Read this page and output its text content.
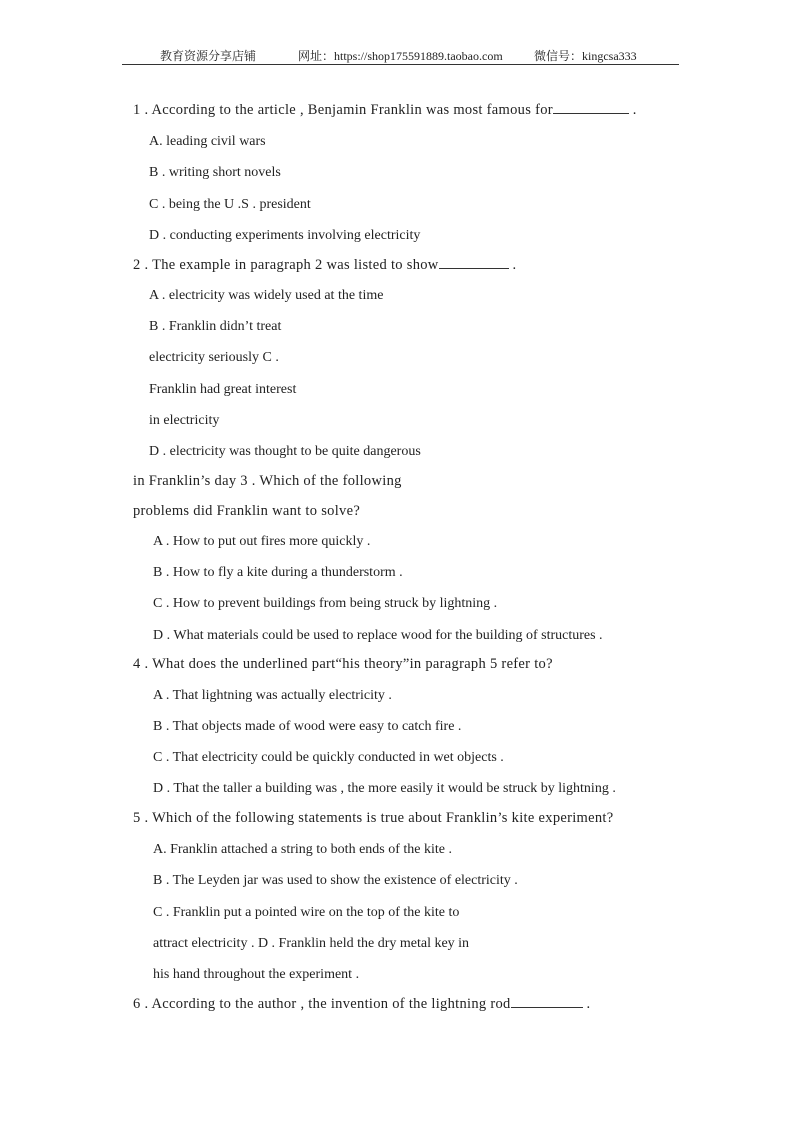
教育资源分享店铺	网址：https://shop175591889.taobao.com	微信号：kingcsa333
1 . According to the article , Benjamin Franklin was most famous for	.
A. leading civil wars
B . writing short novels
C . being the U .S . president
D . conducting experiments involving electricity
2 . The example in paragraph 2 was listed to show	.
A . electricity was widely used at the time
B . Franklin didn’t treat
electricity seriously C .
Franklin had great interest
in electricity
D . electricity was thought to be quite dangerous
in Franklin’s day 3 . Which of the following
problems did Franklin want to solve?
A . How to put out fires more quickly .
B . How to fly a kite during a thunderstorm .
C . How to prevent buildings from being struck by lightning .
D . What materials could be used to replace wood for the building of structures .
4 . What does the underlined part“his theory”in paragraph 5 refer to?
A . That lightning was actually electricity .
B . That objects made of wood were easy to catch fire .
C . That electricity could be quickly conducted in wet objects .
D . That the taller a building was , the more easily it would be struck by lightning .
5 . Which of the following statements is true about Franklin’s kite experiment?
A. Franklin attached a string to both ends of the kite .
B . The Leyden jar was used to show the existence of electricity .
C . Franklin put a pointed wire on the top of the kite to
attract electricity . D . Franklin held the dry metal key in
his hand throughout the experiment .
6 . According to the author , the invention of the lightning rod	.
